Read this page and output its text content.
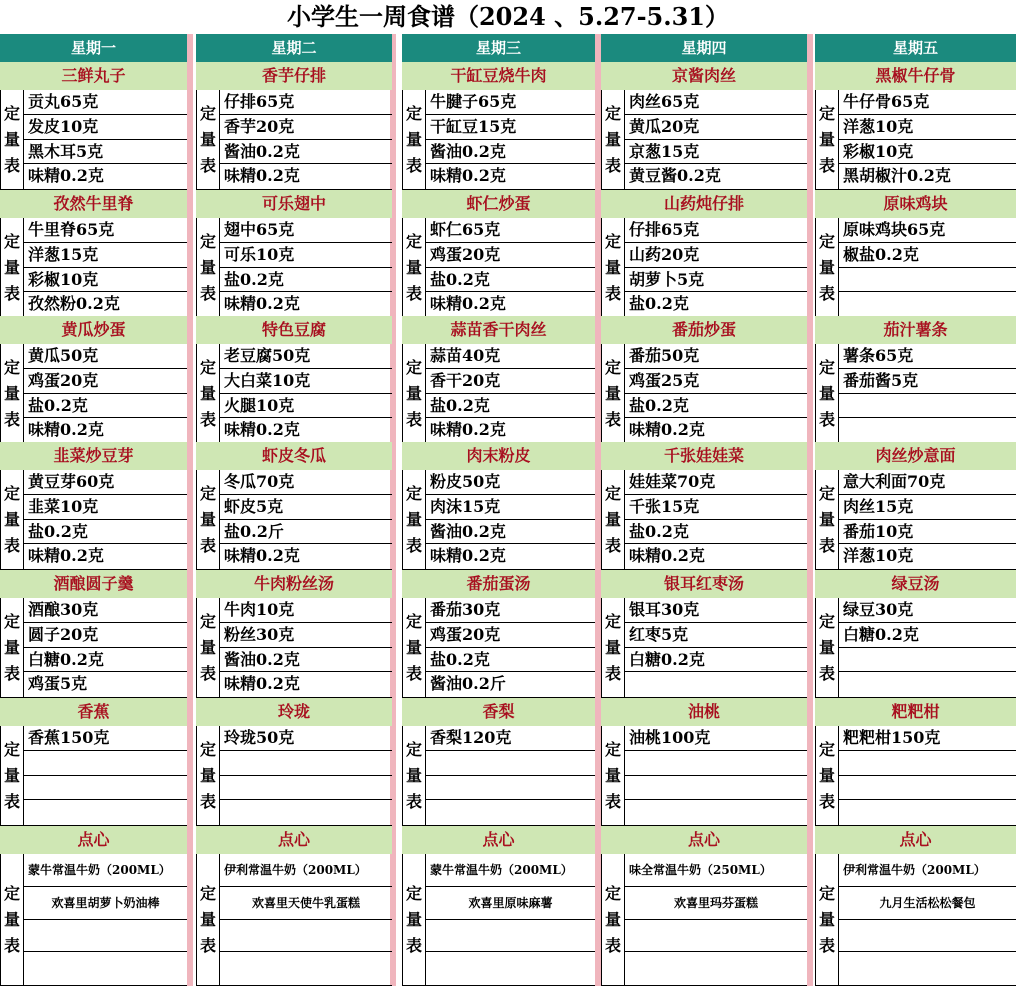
小学生一周食谱（2024 、5.27-5.31）
星期一
三鲜丸子
定
量
表
贡丸65克
发皮10克
黑木耳5克
味精0.2克
孜然牛里脊
定
量
表
牛里脊65克
洋葱15克
彩椒10克
孜然粉0.2克
黄瓜炒蛋
定
量
表
黄瓜50克
鸡蛋20克
盐0.2克
味精0.2克
韭菜炒豆芽
定
量
表
黄豆芽60克
韭菜10克
盐0.2克
味精0.2克
酒酿圆子羹
定
量
表
酒酿30克
圆子20克
白糖0.2克
鸡蛋5克
香蕉
定
量
表
香蕉150克
点心
定
量
表
蒙牛常温牛奶（200ML）
欢喜里胡萝卜奶油棒
星期二
香芋仔排
定
量
表
仔排65克
香芋20克
酱油0.2克
味精0.2克
可乐翅中
定
量
表
翅中65克
可乐10克
盐0.2克
味精0.2克
特色豆腐
定
量
表
老豆腐50克
大白菜10克
火腿10克
味精0.2克
虾皮冬瓜
定
量
表
冬瓜70克
虾皮5克
盐0.2斤
味精0.2克
牛肉粉丝汤
定
量
表
牛肉10克
粉丝30克
酱油0.2克
味精0.2克
玲珑
定
量
表
玲珑50克
点心
定
量
表
伊利常温牛奶（200ML）
欢喜里天使牛乳蛋糕
星期三
干缸豆烧牛肉
定
量
表
牛腱子65克
干缸豆15克
酱油0.2克
味精0.2克
虾仁炒蛋
定
量
表
虾仁65克
鸡蛋20克
盐0.2克
味精0.2克
蒜苗香干肉丝
定
量
表
蒜苗40克
香干20克
盐0.2克
味精0.2克
肉末粉皮
定
量
表
粉皮50克
肉沫15克
酱油0.2克
味精0.2克
番茄蛋汤
定
量
表
番茄30克
鸡蛋20克
盐0.2克
酱油0.2斤
香梨
定
量
表
香梨120克
点心
定
量
表
蒙牛常温牛奶（200ML）
欢喜里原味麻薯
星期四
京酱肉丝
定
量
表
肉丝65克
黄瓜20克
京葱15克
黄豆酱0.2克
山药炖仔排
定
量
表
仔排65克
山药20克
胡萝卜5克
盐0.2克
番茄炒蛋
定
量
表
番茄50克
鸡蛋25克
盐0.2克
味精0.2克
千张娃娃菜
定
量
表
娃娃菜70克
千张15克
盐0.2克
味精0.2克
银耳红枣汤
定
量
表
银耳30克
红枣5克
白糖0.2克
油桃
定
量
表
油桃100克
点心
定
量
表
味全常温牛奶（250ML）
欢喜里玛芬蛋糕
星期五
黑椒牛仔骨
定
量
表
牛仔骨65克
洋葱10克
彩椒10克
黑胡椒汁0.2克
原味鸡块
定
量
表
原味鸡块65克
椒盐0.2克
茄汁薯条
定
量
表
薯条65克
番茄酱5克
肉丝炒意面
定
量
表
意大利面70克
肉丝15克
番茄10克
洋葱10克
绿豆汤
定
量
表
绿豆30克
白糖0.2克
粑粑柑
定
量
表
粑粑柑150克
点心
定
量
表
伊利常温牛奶（200ML）
九月生活松松餐包
